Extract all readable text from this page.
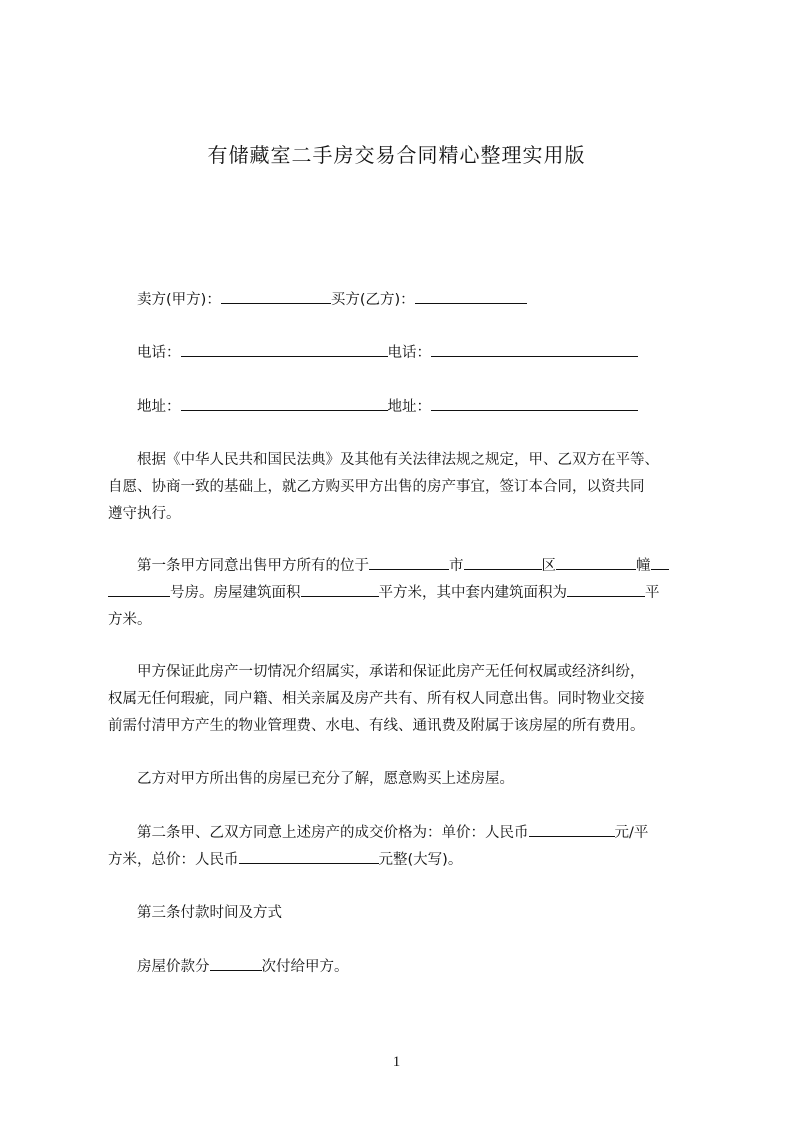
有储藏室二手房交易合同精心整理实用版
卖方(甲方)：	买方(乙方)：
电话：	电话：
地址：	地址：
根据《中华人民共和国民法典》及其他有关法律法规之规定，甲、乙双方在平等、
自愿、协商一致的基础上，就乙方购买甲方出售的房产事宜，签订本合同，以资共同
遵守执行。
第一条甲方同意出售甲方所有的位于	市	区	幢
号房。房屋建筑面积	平方米，其中套内建筑面积为	平
方米。
甲方保证此房产一切情况介绍属实，承诺和保证此房产无任何权属或经济纠纷，
权属无任何瑕疵，同户籍、相关亲属及房产共有、所有权人同意出售。同时物业交接
前需付清甲方产生的物业管理费、水电、有线、通讯费及附属于该房屋的所有费用。
乙方对甲方所出售的房屋已充分了解，愿意购买上述房屋。
第二条甲、乙双方同意上述房产的成交价格为：单价：人民币	元/平
方米，总价：人民币	元整(大写)。
第三条付款时间及方式
房屋价款分	次付给甲方。
1
